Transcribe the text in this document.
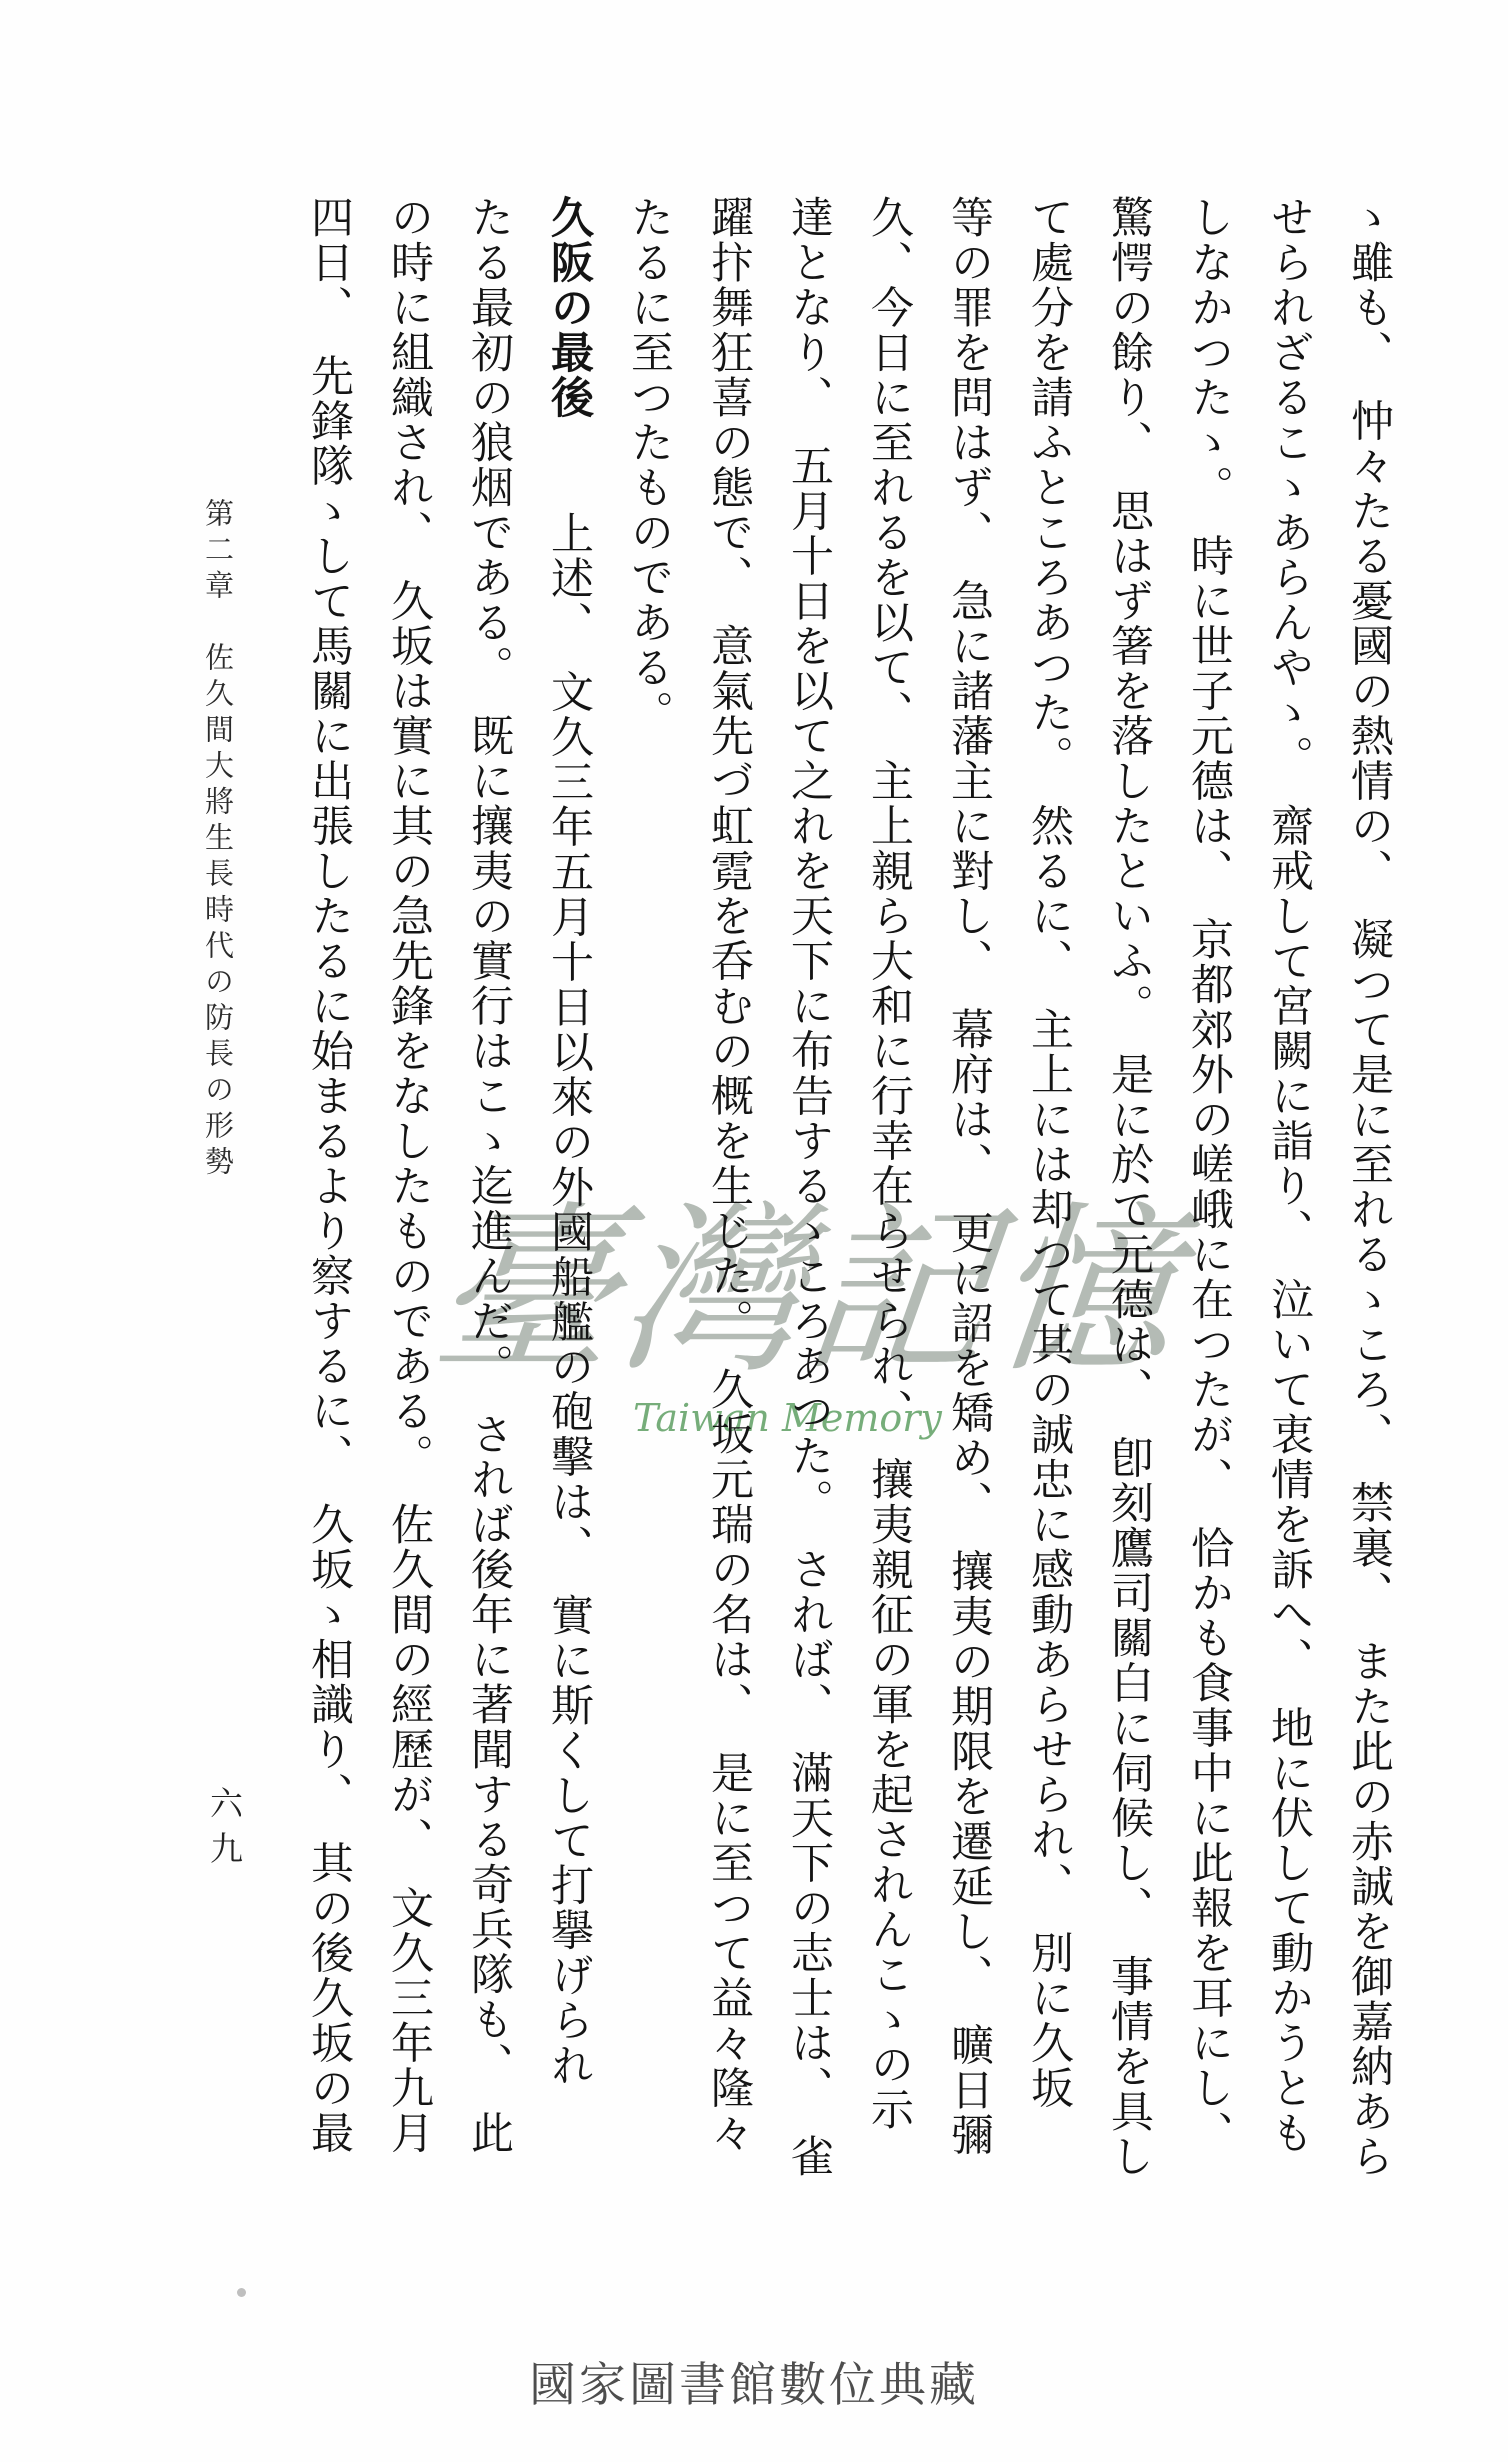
臺灣記憶
Taiwan Memory	ゝ雖も、　忡々たる憂國の熱情の、　凝つて是に至れるゝころ、　禁裏、　また此の赤誠を御嘉納あら
せられざるこゝあらんやゝ。　齋戒して宮闕に詣り、　泣いて衷情を訴へ、　地に伏して動かうとも
しなかつたゝ。　時に世子元德は、　京都郊外の嵯峨に在つたが、　恰かも食事中に此報を耳にし、
驚愕の餘り、　思はず箸を落したといふ。　是に於て元德は、　卽刻鷹司關白に伺候し、　事情を具し
て處分を請ふところあつた。　然るに、　主上には却つて其の誠忠に感動あらせられ、　別に久坂
等の罪を問はず、　急に諸藩主に對し、　幕府は、　更に詔を矯め、　攘夷の期限を遷延し、　曠日彌
久、今日に至れるを以て、　主上親ら大和に行幸在らせられ、　攘夷親征の軍を起されんこゝの示
達となり、　五月十日を以て之れを天下に布告するゝころあつた。　されば、　滿天下の志士は、　雀
躍抃舞狂喜の態で、　意氣先づ虹霓を呑むの概を生じた。　久坂元瑞の名は、　是に至つて益々隆々
たるに至つたものである。
久阪の最後 上述、　文久三年五月十日以來の外國船艦の砲擊は、　實に斯くして打擧げられ
たる最初の狼烟である。　既に攘夷の實行はこゝ迄進んだ。　されば後年に著聞する奇兵隊も、　此
の時に組織され、　久坂は實に其の急先鋒をなしたものである。　佐久間の經歷が、　文久三年九月
四日、　先鋒隊ゝして馬關に出張したるに始まるより察するに、　久坂ゝ相識り、　其の後久坂の最
第二章　佐久間大將生長時代の防長の形勢
六九
國家圖書館數位典藏
